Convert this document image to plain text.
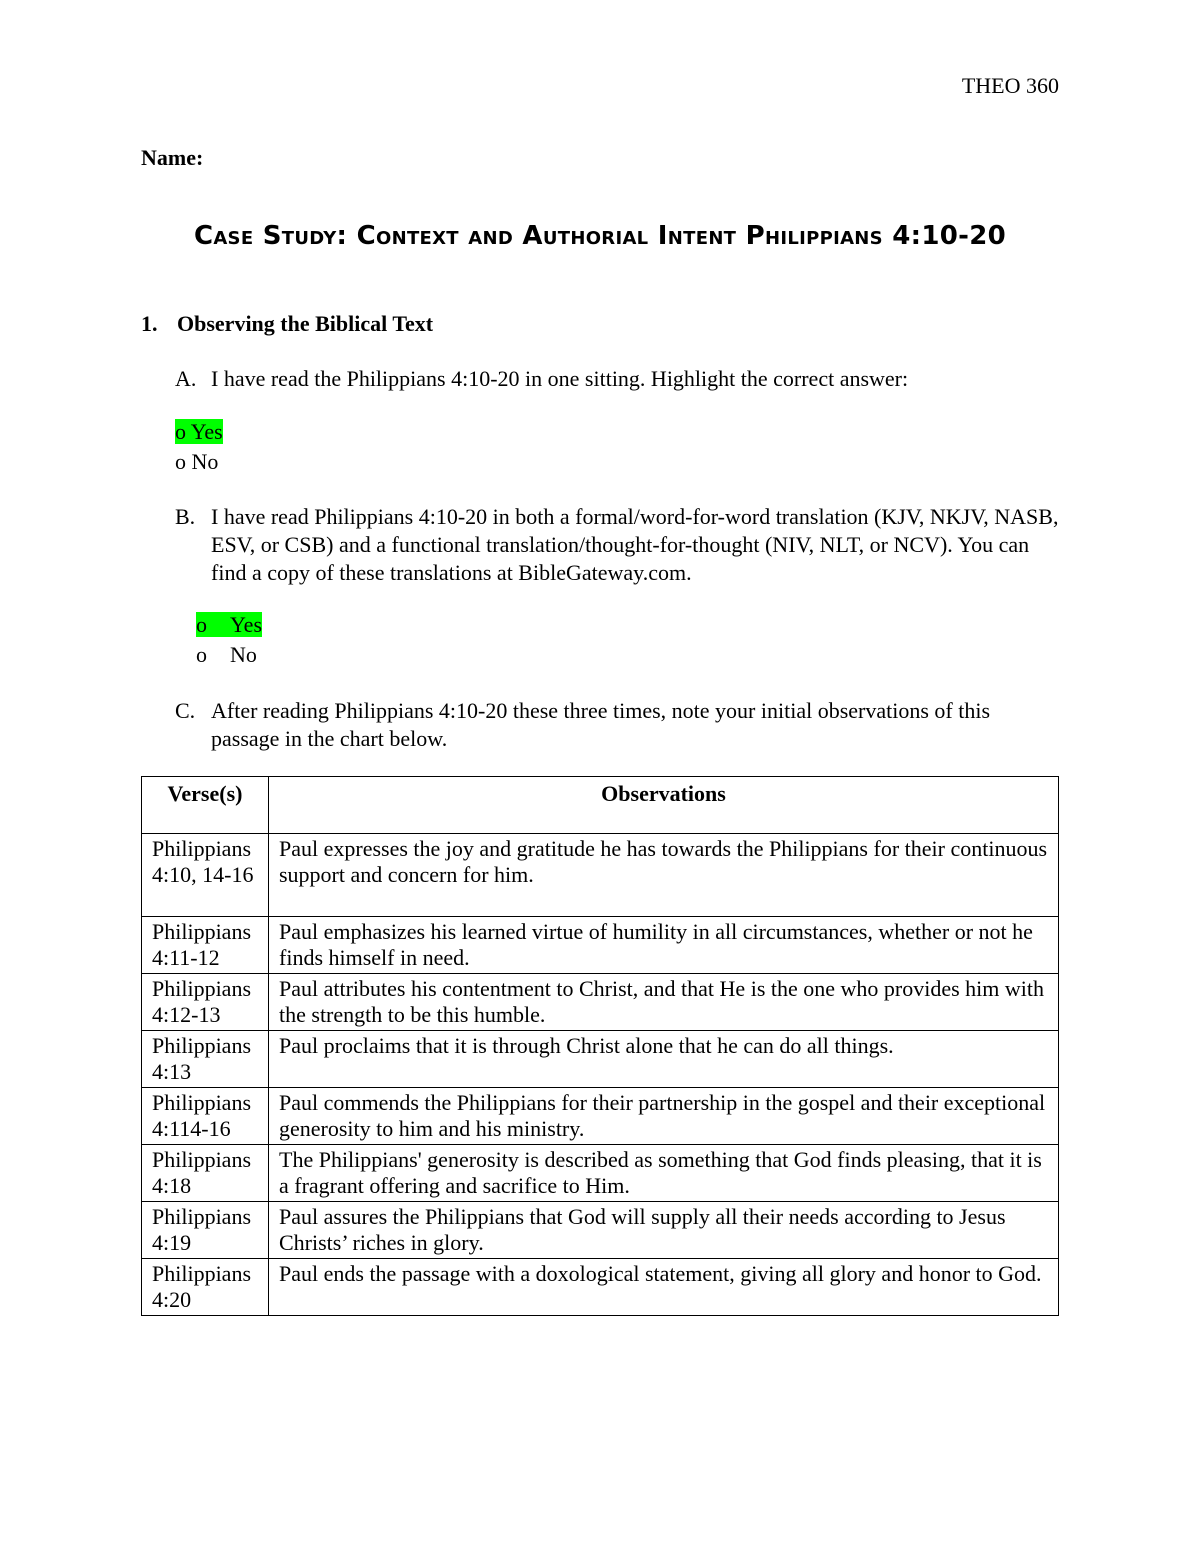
THEO 360
Name:
Case Study: Context and Authorial Intent Philippians 4:10-20
1. Observing the Biblical Text
A. I have read the Philippians 4:10-20 in one sitting. Highlight the correct answer:
o Yes
o No
B. I have read Philippians 4:10-20 in both a formal/word-for-word translation (KJV, NKJV, NASB, ESV, or CSB) and a functional translation/thought-for-thought (NIV, NLT, or NCV). You can find a copy of these translations at BibleGateway.com.
o Yes
o No
C. After reading Philippians 4:10-20 these three times, note your initial observations of this passage in the chart below.
Verse(s)	Observations
Philippians 4:10, 14-16	Paul expresses the joy and gratitude he has towards the Philippians for their continuous support and concern for him.
Philippians 4:11-12	Paul emphasizes his learned virtue of humility in all circumstances, whether or not he finds himself in need.
Philippians 4:12-13	Paul attributes his contentment to Christ, and that He is the one who provides him with the strength to be this humble.
Philippians 4:13	Paul proclaims that it is through Christ alone that he can do all things.
Philippians 4:114-16	Paul commends the Philippians for their partnership in the gospel and their exceptional generosity to him and his ministry.
Philippians 4:18	The Philippians' generosity is described as something that God finds pleasing, that it is a fragrant offering and sacrifice to Him.
Philippians 4:19	Paul assures the Philippians that God will supply all their needs according to Jesus Christs’ riches in glory.
Philippians 4:20	Paul ends the passage with a doxological statement, giving all glory and honor to God.
